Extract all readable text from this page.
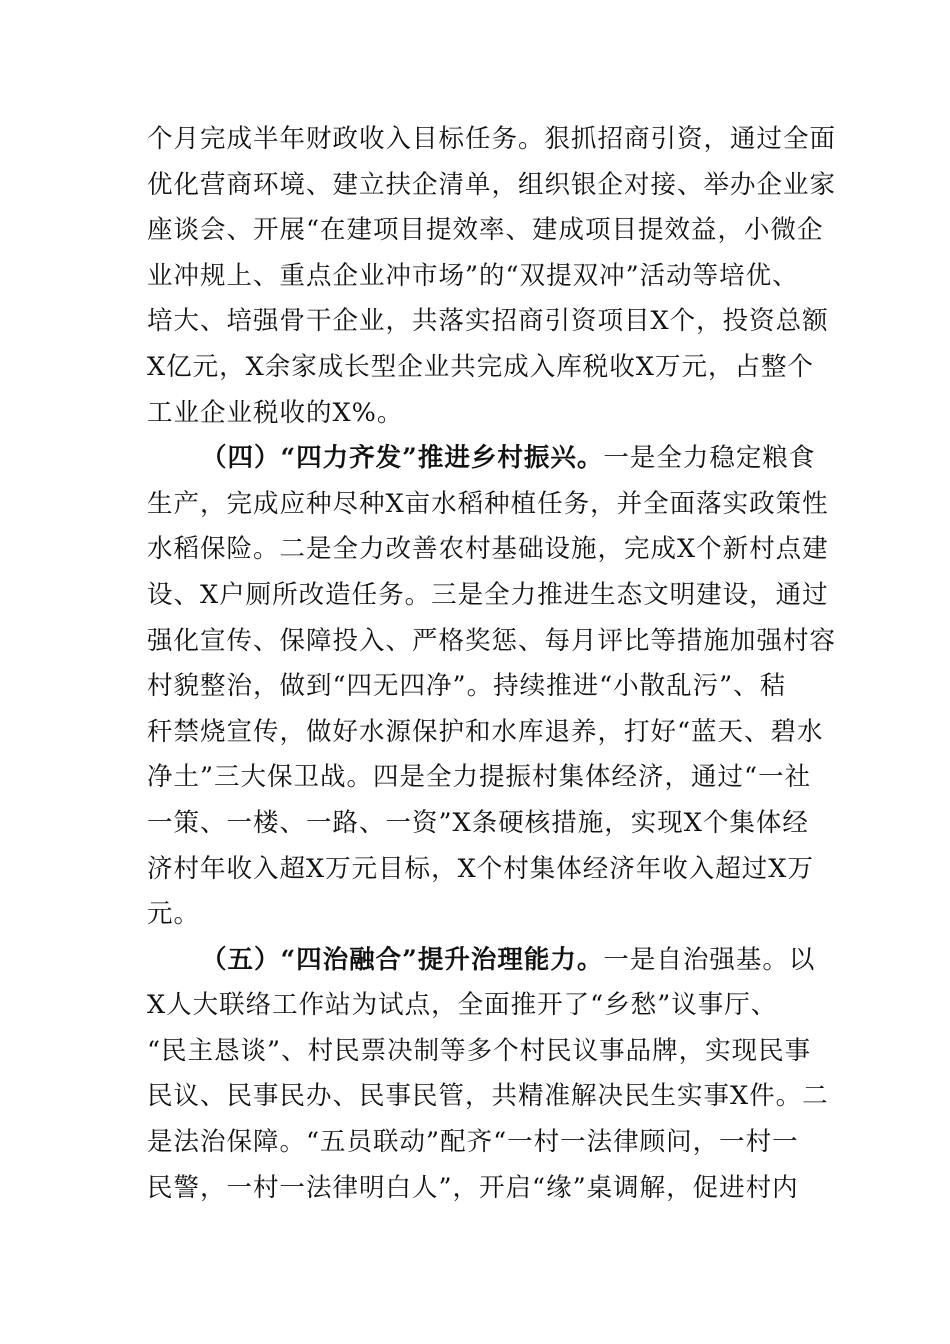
个月完成半年财政收入目标任务。狠抓招商引资，通过全面
优化营商环境、建立扶企清单，组织银企对接、举办企业家
座谈会、开展“在建项目提效率、建成项目提效益，小微企
业冲规上、重点企业冲市场”的“双提双冲”活动等培优、
培大、培强骨干企业，共落实招商引资项目X个，投资总额
X亿元，X余家成长型企业共完成入库税收X万元，占整个
工业企业税收的X%。
（四）“四力齐发”推进乡村振兴。一是全力稳定粮食
生产，完成应种尽种X亩水稻种植任务，并全面落实政策性
水稻保险。二是全力改善农村基础设施，完成X个新村点建
设、X户厕所改造任务。三是全力推进生态文明建设，通过
强化宣传、保障投入、严格奖惩、每月评比等措施加强村容
村貌整治，做到“四无四净”。持续推进“小散乱污”、秸
秆禁烧宣传，做好水源保护和水库退养，打好“蓝天、碧水
净土”三大保卫战。四是全力提振村集体经济，通过“一社
一策、一楼、一路、一资”X条硬核措施，实现X个集体经
济村年收入超X万元目标，X个村集体经济年收入超过X万
元。
（五）“四治融合”提升治理能力。一是自治强基。以
X人大联络工作站为试点，全面推开了“乡愁”议事厅、
“民主恳谈”、村民票决制等多个村民议事品牌，实现民事
民议、民事民办、民事民管，共精准解决民生实事X件。二
是法治保障。“五员联动”配齐“一村一法律顾问，一村一
民警，一村一法律明白人”，开启“缘”桌调解，促进村内
